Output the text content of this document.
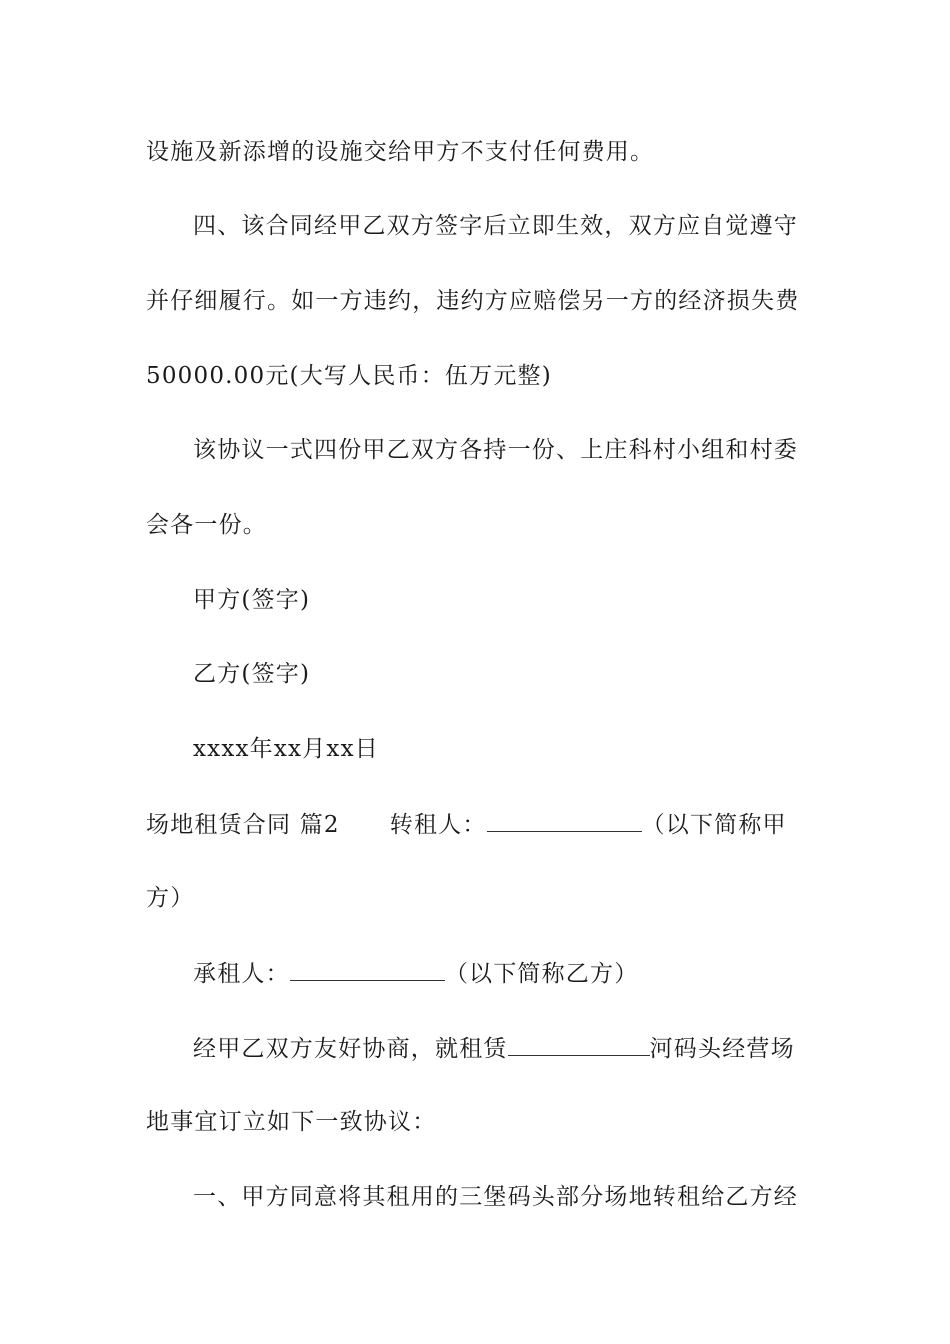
设施及新添增的设施交给甲方不支付任何费用。
四、该合同经甲乙双方签字后立即生效，双方应自觉遵守
并仔细履行。如一方违约，违约方应赔偿另一方的经济损失费
50000.00元(大写人民币：伍万元整)
该协议一式四份甲乙双方各持一份、上庄科村小组和村委
会各一份。
甲方(签字)
乙方(签字)
xxxx年xx月xx日
场地租赁合同 篇2 转租人：	（以下简称甲
方）
承租人：	（以下简称乙方）
经甲乙双方友好协商，就租赁	河码头经营场
地事宜订立如下一致协议：
一、甲方同意将其租用的三堡码头部分场地转租给乙方经
